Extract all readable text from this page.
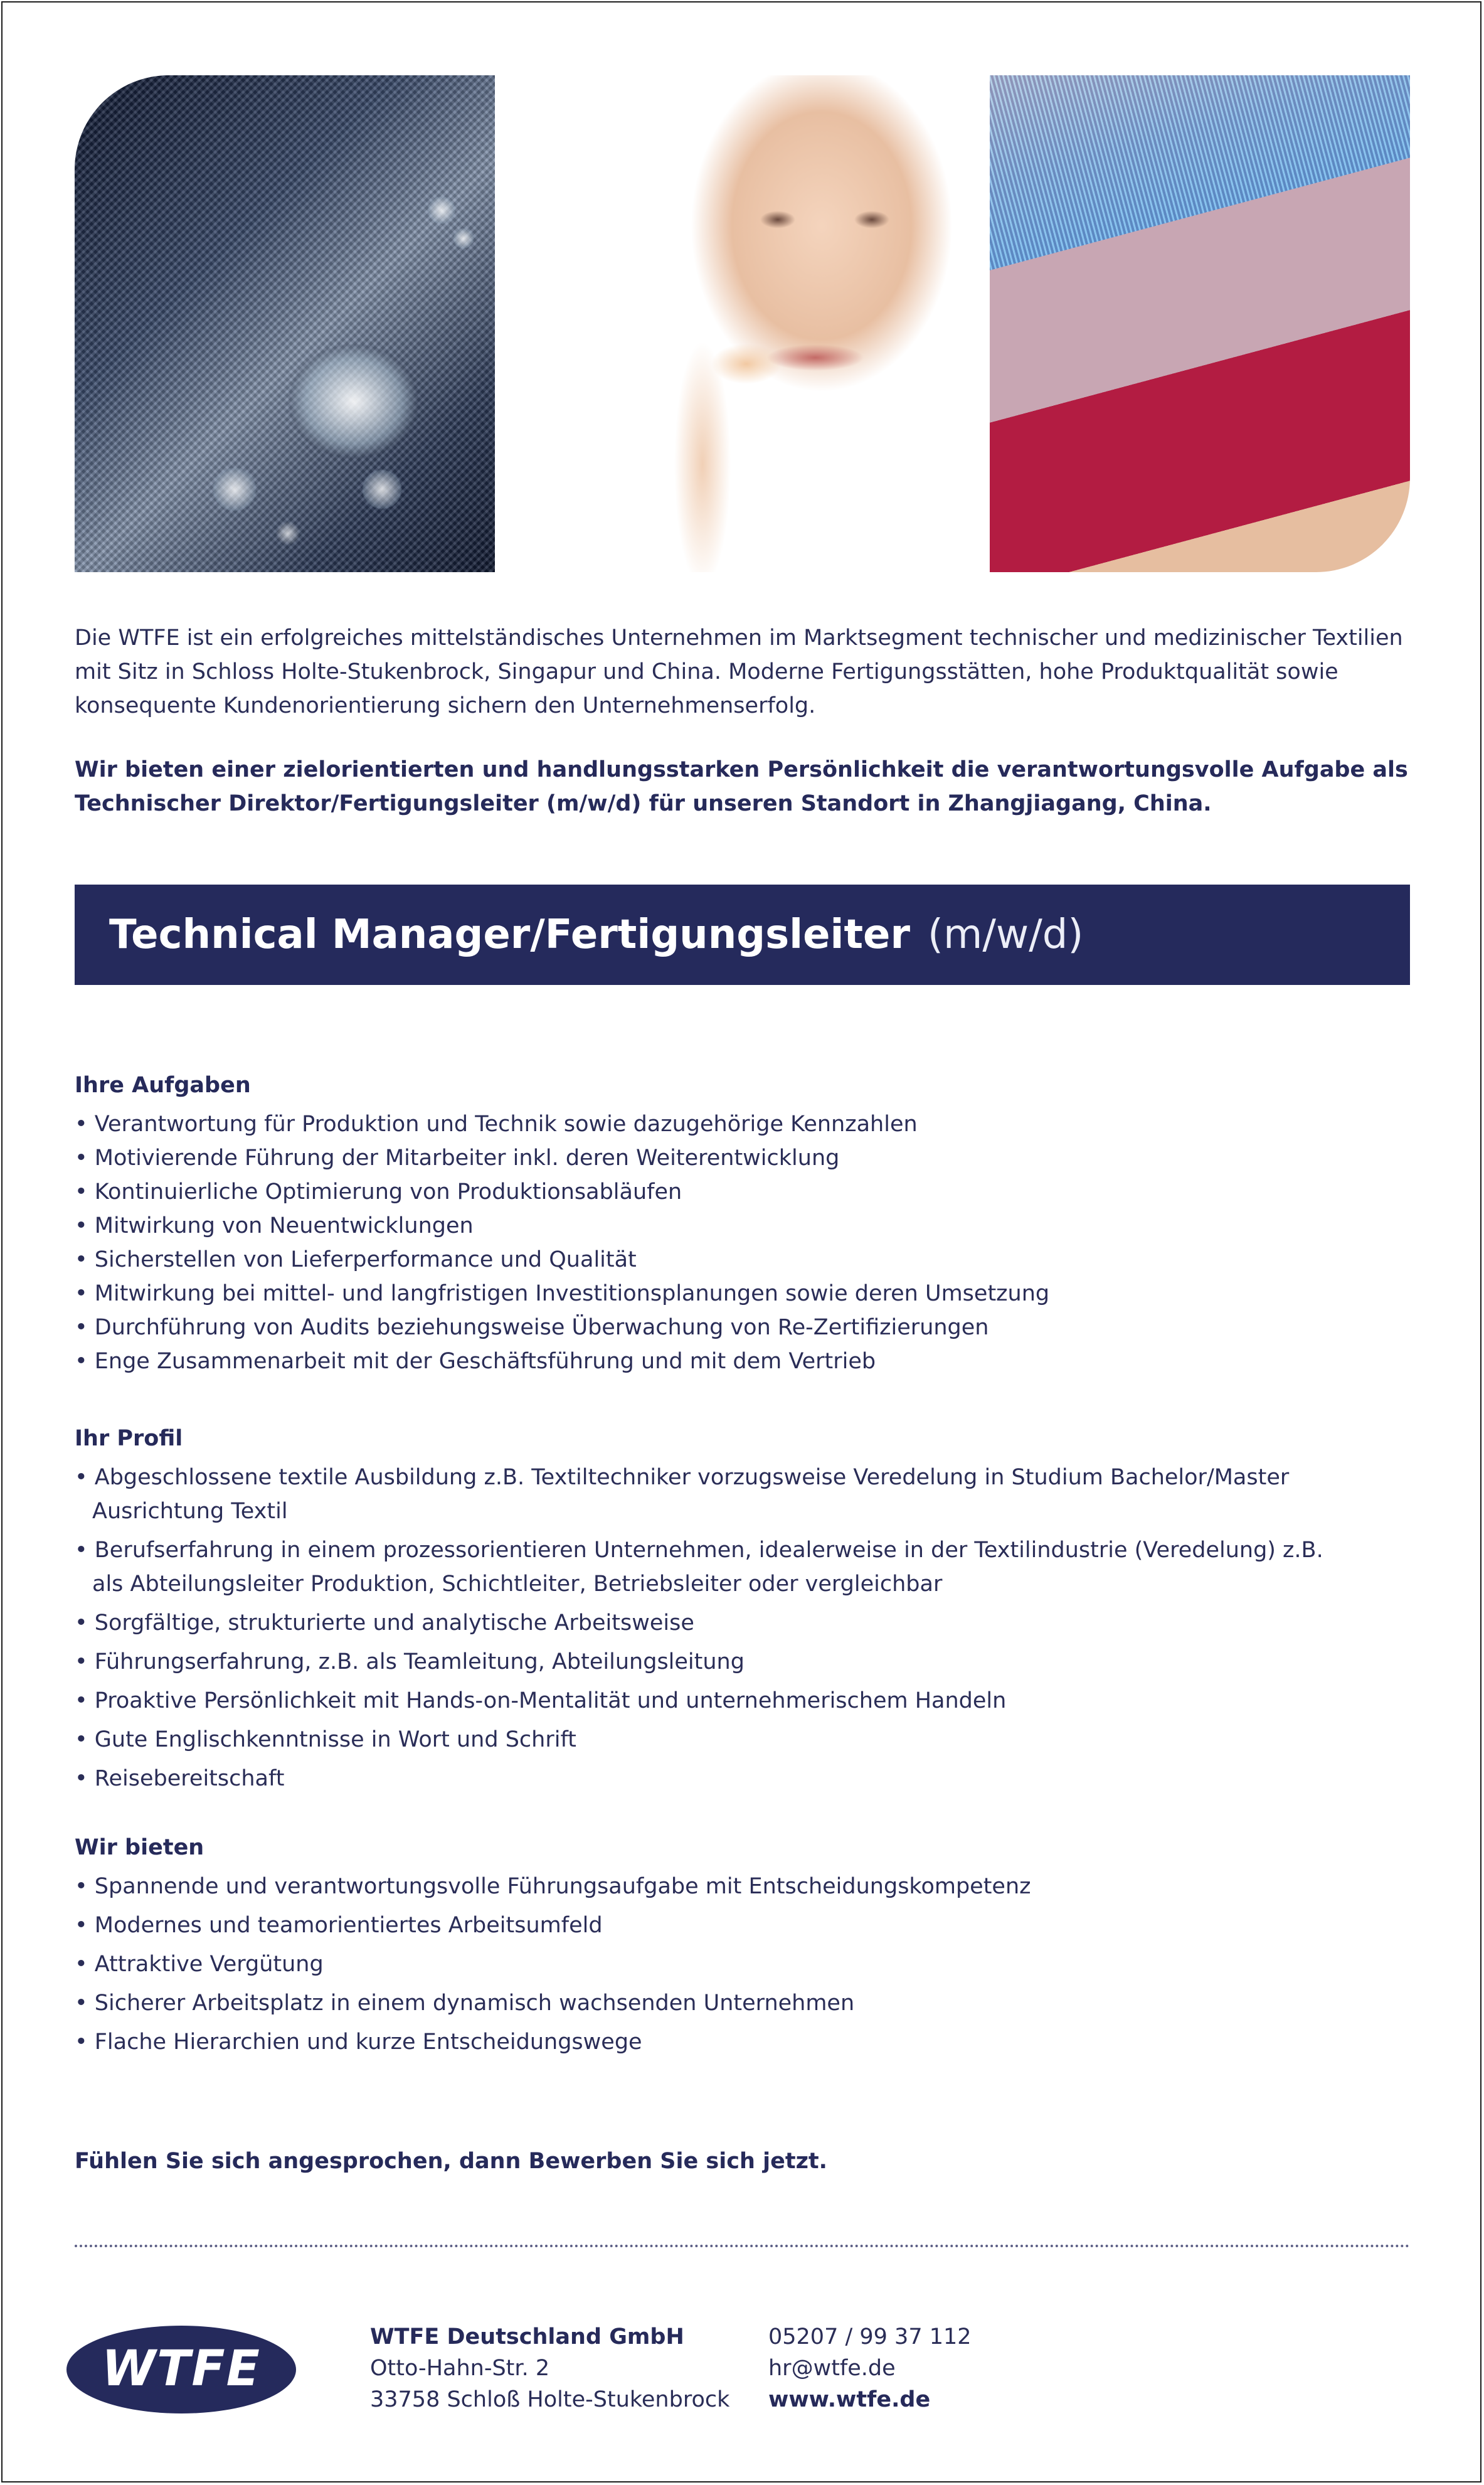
Die WTFE ist ein erfolgreiches mittelständisches Unternehmen im Marktsegment technischer und medizinischer Textilien mit Sitz in Schloss Holte-Stukenbrock, Singapur und China. Moderne Fertigungsstätten, hohe Produktqualität sowie konsequente Kundenorientierung sichern den Unternehmenserfolg.

Wir bieten einer zielorientierten und handlungsstarken Persönlichkeit die verantwortungsvolle Aufgabe als Technischer Direktor/Fertigungsleiter (m/w/d) für unseren Standort in Zhangjiagang, China.

Technical Manager/Fertigungsleiter (m/w/d)
Ihre Aufgaben
• Verantwortung für Produktion und Technik sowie dazugehörige Kennzahlen
• Motivierende Führung der Mitarbeiter inkl. deren Weiterentwicklung
• Kontinuierliche Optimierung von Produktionsabläufen
• Mitwirkung von Neuentwicklungen
• Sicherstellen von Lieferperformance und Qualität
• Mitwirkung bei mittel- und langfristigen Investitionsplanungen sowie deren Umsetzung
• Durchführung von Audits beziehungsweise Überwachung von Re-Zertifizierungen
• Enge Zusammenarbeit mit der Geschäftsführung und mit dem Vertrieb
Ihr Profil
• Abgeschlossene textile Ausbildung z.B. Textiltechniker vorzugsweise Veredelung in Studium Bachelor/Master Ausrichtung Textil
• Berufserfahrung in einem prozessorientieren Unternehmen, idealerweise in der Textilindustrie (Veredelung) z.B. als Abteilungsleiter Produktion, Schichtleiter, Betriebsleiter oder vergleichbar
• Sorgfältige, strukturierte und analytische Arbeitsweise
• Führungserfahrung, z.B. als Teamleitung, Abteilungsleitung
• Proaktive Persönlichkeit mit Hands-on-Mentalität und unternehmerischem Handeln
• Gute Englischkenntnisse in Wort und Schrift
• Reisebereitschaft
Wir bieten
• Spannende und verantwortungsvolle Führungsaufgabe mit Entscheidungskompetenz
• Modernes und teamorientiertes Arbeitsumfeld
• Attraktive Vergütung
• Sicherer Arbeitsplatz in einem dynamisch wachsenden Unternehmen
• Flache Hierarchien und kurze Entscheidungswege

Fühlen Sie sich angesprochen, dann Bewerben Sie sich jetzt.

WTFE
WTFE Deutschland GmbH
Otto-Hahn-Str. 2
33758 Schloß Holte-Stukenbrock
05207 / 99 37 112
hr@wtfe.de
www.wtfe.de
